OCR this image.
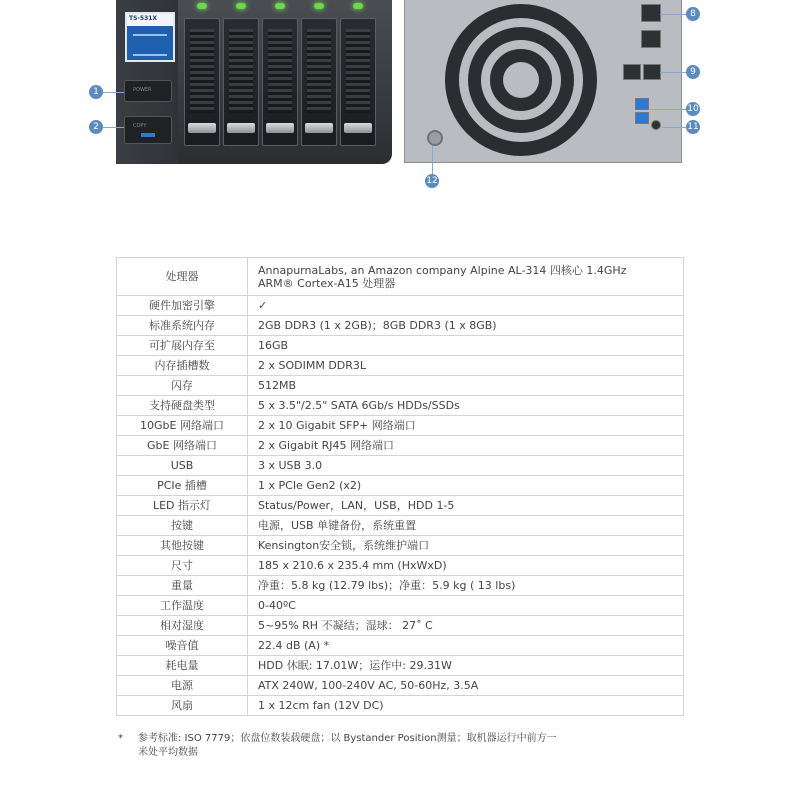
TS-531X
POWER
COPY
1
2
8
9
10
11
12
处理器	AnnapurnaLabs, an Amazon company Alpine AL-314 四核心 1.4GHz
ARM® Cortex-A15 处理器

硬件加密引擎	✓
标准系统内存	2GB DDR3 (1 x 2GB)；8GB DDR3 (1 x 8GB)
可扩展内存至	16GB
内存插槽数	2 x SODIMM DDR3L
闪存	512MB
支持硬盘类型	5 x 3.5"/2.5" SATA 6Gb/s HDDs/SSDs
10GbE 网络端口	2 x 10 Gigabit SFP+ 网络端口
GbE 网络端口	2 x Gigabit RJ45 网络端口
USB	3 x USB 3.0
PCIe 插槽	1 x PCIe Gen2 (x2)
LED 指示灯	Status/Power，LAN，USB，HDD 1-5
按键	电源，USB 单键备份，系统重置
其他按键	Kensington安全锁，系统维护端口
尺寸	185 x 210.6 x 235.4 mm (HxWxD)
重量	净重：5.8 kg (12.79 lbs)；净重：5.9 kg ( 13 lbs)
工作温度	0-40ºC
相对湿度	5~95% RH 不凝结；湿球： 27˚ C
噪音值	22.4 dB (A) *
耗电量	HDD 休眠: 17.01W；运作中: 29.31W
电源	ATX 240W, 100-240V AC, 50-60Hz, 3.5A
风扇	1 x 12cm fan (12V DC)
* 参考标准: ISO 7779；依盘位数装载硬盘；以 Bystander Position测量；取机器运行中前方一
米处平均数据
